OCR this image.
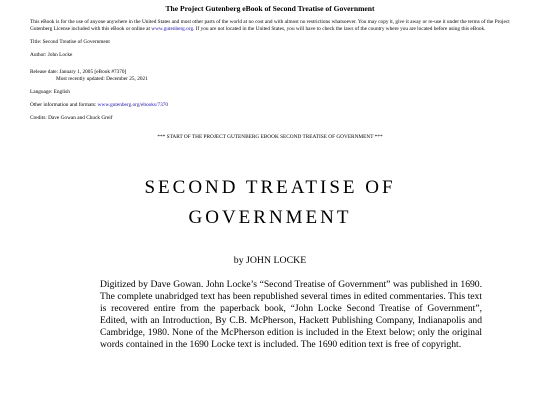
The Project Gutenberg eBook of Second Treatise of Government

This eBook is for the use of anyone anywhere in the United States and most other parts of the world at no cost and with almost no restrictions whatsoever. You may copy it, give it away or re-use it under the terms of the Project Gutenberg License included with this eBook or online at www.gutenberg.org. If you are not located in the United States, you will have to check the laws of the country where you are located before using this eBook.

Title: Second Treatise of Government

Author: John Locke

Release date: January 1, 2005 [eBook #7370]
Most recently updated: December 25, 2021

Language: English

Other information and formats: www.gutenberg.org/ebooks/7370

Credits: Dave Gowan and Chuck Greif

*** START OF THE PROJECT GUTENBERG EBOOK SECOND TREATISE OF GOVERNMENT ***

SECOND TREATISE OF
GOVERNMENT

by JOHN LOCKE

Digitized by Dave Gowan. John Locke’s “Second Treatise of Government” was published in 1690. The complete unabridged text has been republished several times in edited commentaries. This text is recovered entire from the paperback book, “John Locke Second Treatise of Government”, Edited, with an Introduction, By C.B. McPherson, Hackett Publishing Company, Indianapolis and Cambridge, 1980. None of the McPherson edition is included in the Etext below; only the original words contained in the 1690 Locke text is included. The 1690 edition text is free of copyright.
